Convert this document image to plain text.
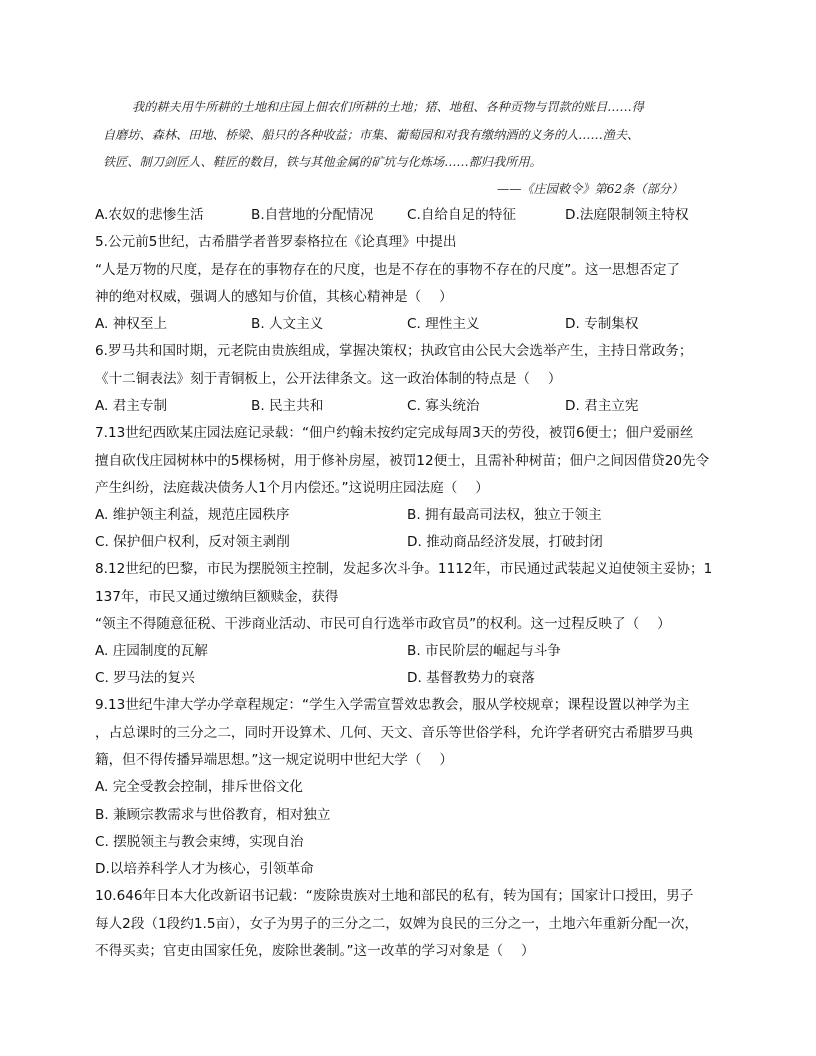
我的耕夫用牛所耕的土地和庄园上佃农们所耕的土地；猪、地租、各种贡物与罚款的账目……得
自磨坊、森林、田地、桥梁、船只的各种收益；市集、葡萄园和对我有缴纳酒的义务的人……渔夫、
铁匠、制刀剑匠人、鞋匠的数目，铁与其他金属的矿坑与化炼场……都归我所用。
——《庄园敕令》第62条（部分）
A.农奴的悲惨生活	B.自营地的分配情况 C.自给自足的特征	D.法庭限制领主特权
5.公元前5世纪，古希腊学者普罗泰格拉在《论真理》中提出
“人是万物的尺度，是存在的事物存在的尺度，也是不存在的事物不存在的尺度”。这一思想否定了
神的绝对权威，强调人的感知与价值，其核心精神是（　 ）
A. 神权至上	B. 人文主义	C. 理性主义	D. 专制集权
6.罗马共和国时期，元老院由贵族组成，掌握决策权；执政官由公民大会选举产生，主持日常政务；
《十二铜表法》刻于青铜板上，公开法律条文。这一政治体制的特点是（　 ）
A. 君主专制	B. 民主共和	C. 寡头统治	D. 君主立宪
7.13世纪西欧某庄园法庭记录载：“佃户约翰未按约定完成每周3天的劳役，被罚6便士；佃户爱丽丝
擅自砍伐庄园树林中的5棵杨树，用于修补房屋，被罚12便士，且需补种树苗；佃户之间因借贷20先令
产生纠纷，法庭裁决债务人1个月内偿还。”这说明庄园法庭（　 ）
A. 维护领主利益，规范庄园秩序	B. 拥有最高司法权，独立于领主
C. 保护佃户权利，反对领主剥削	D. 推动商品经济发展，打破封闭
8.12世纪的巴黎，市民为摆脱领主控制，发起多次斗争。1112年，市民通过武装起义迫使领主妥协；1
137年，市民又通过缴纳巨额赎金，获得
“领主不得随意征税、干涉商业活动、市民可自行选举市政官员”的权利。这一过程反映了（　 ）
A. 庄园制度的瓦解	B. 市民阶层的崛起与斗争
C. 罗马法的复兴	D. 基督教势力的衰落
9.13世纪牛津大学办学章程规定：“学生入学需宣誓效忠教会，服从学校规章；课程设置以神学为主
，占总课时的三分之二，同时开设算术、几何、天文、音乐等世俗学科，允许学者研究古希腊罗马典
籍，但不得传播异端思想。”这一规定说明中世纪大学（　 ）
A. 完全受教会控制，排斥世俗文化
B. 兼顾宗教需求与世俗教育，相对独立
C. 摆脱领主与教会束缚，实现自治
D.以培养科学人才为核心，引领革命
10.646年日本大化改新诏书记载：“废除贵族对土地和部民的私有，转为国有；国家计口授田，男子
每人2段（1段约1.5亩），女子为男子的三分之二，奴婢为良民的三分之一，土地六年重新分配一次，
不得买卖；官吏由国家任免，废除世袭制。”这一改革的学习对象是（　 ）
